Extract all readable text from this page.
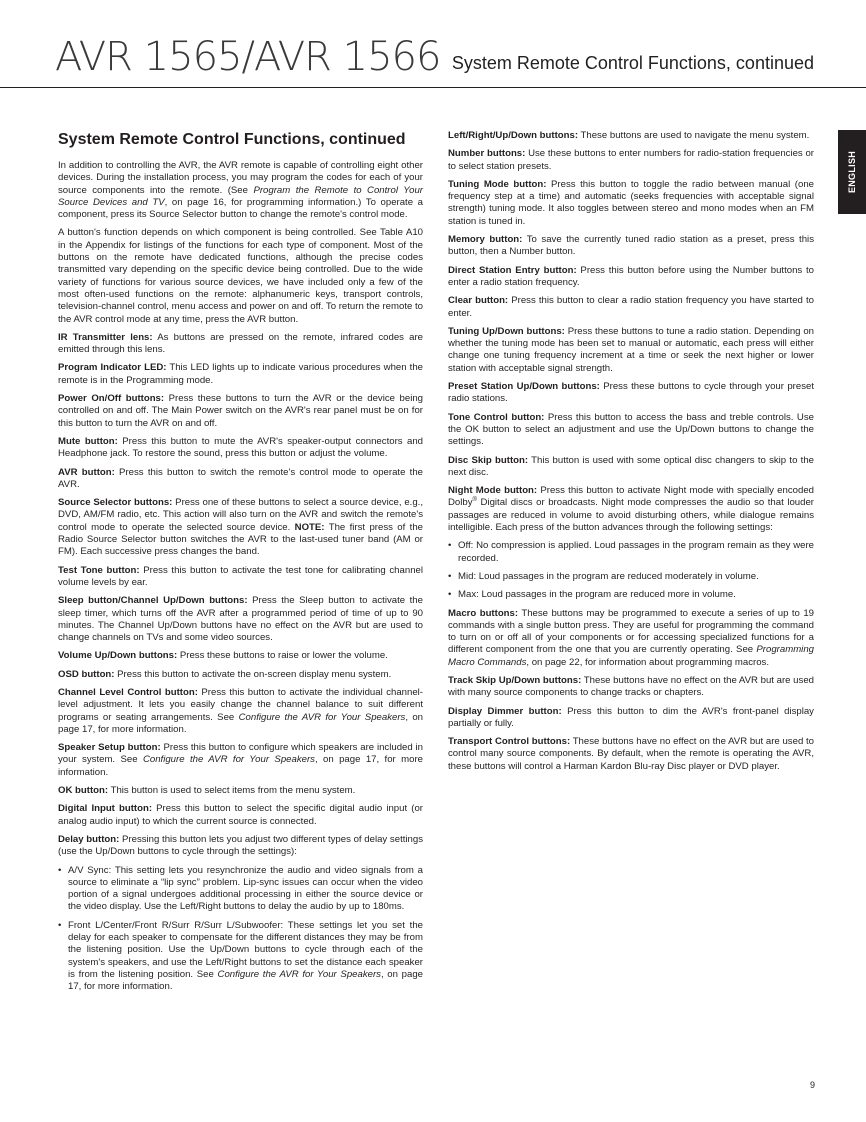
AVR 1565/AVR 1566 System Remote Control Functions, continued
ENGLISH
System Remote Control Functions, continued

In addition to controlling the AVR, the AVR remote is capable of controlling eight other devices. During the installation process, you may program the codes for each of your source components into the remote. (See Program the Remote to Control Your Source Devices and TV, on page 16, for programming information.) To operate a component, press its Source Selector button to change the remote's control mode.

A button's function depends on which component is being controlled. See Table A10 in the Appendix for listings of the functions for each type of component. Most of the buttons on the remote have dedicated functions, although the precise codes transmitted vary depending on the specific device being controlled. Due to the wide variety of functions for various source devices, we have included only a few of the most often-used functions on the remote: alphanumeric keys, transport controls, television-channel control, menu access and power on and off. To return the remote to the AVR control mode at any time, press the AVR button.

IR Transmitter lens: As buttons are pressed on the remote, infrared codes are emitted through this lens.

Program Indicator LED: This LED lights up to indicate various procedures when the remote is in the Programming mode.

Power On/Off buttons: Press these buttons to turn the AVR or the device being controlled on and off. The Main Power switch on the AVR's rear panel must be on for this button to turn the AVR on and off.

Mute button: Press this button to mute the AVR's speaker-output connectors and Headphone jack. To restore the sound, press this button or adjust the volume.

AVR button: Press this button to switch the remote's control mode to operate the AVR.

Source Selector buttons: Press one of these buttons to select a source device, e.g., DVD, AM/FM radio, etc. This action will also turn on the AVR and switch the remote's control mode to operate the selected source device. NOTE: The first press of the Radio Source Selector button switches the AVR to the last-used tuner band (AM or FM). Each successive press changes the band.

Test Tone button: Press this button to activate the test tone for calibrating channel volume levels by ear.

Sleep button/Channel Up/Down buttons: Press the Sleep button to activate the sleep timer, which turns off the AVR after a programmed period of time of up to 90 minutes. The Channel Up/Down buttons have no effect on the AVR but are used to change channels on TVs and some video sources.

Volume Up/Down buttons: Press these buttons to raise or lower the volume.

OSD button: Press this button to activate the on-screen display menu system.

Channel Level Control button: Press this button to activate the individual channel-level adjustment. It lets you easily change the channel balance to suit different programs or seating arrangements. See Configure the AVR for Your Speakers, on page 17, for more information.

Speaker Setup button: Press this button to configure which speakers are included in your system. See Configure the AVR for Your Speakers, on page 17, for more information.

OK button: This button is used to select items from the menu system.

Digital Input button: Press this button to select the specific digital audio input (or analog audio input) to which the current source is connected.

Delay button: Pressing this button lets you adjust two different types of delay settings (use the Up/Down buttons to cycle through the settings):

• A/V Sync: This setting lets you resynchronize the audio and video signals from a source to eliminate a “lip sync” problem. Lip-sync issues can occur when the video portion of a signal undergoes additional processing in either the source device or the video display. Use the Left/Right buttons to delay the audio by up to 180ms.
• Front L/Center/Front R/Surr R/Surr L/Subwoofer: These settings let you set the delay for each speaker to compensate for the different distances they may be from the listening position. Use the Up/Down buttons to cycle through each of the system's speakers, and use the Left/Right buttons to set the distance each speaker is from the listening position. See Configure the AVR for Your Speakers, on page 17, for more information.

Left/Right/Up/Down buttons: These buttons are used to navigate the menu system.

Number buttons: Use these buttons to enter numbers for radio-station frequencies or to select station presets.

Tuning Mode button: Press this button to toggle the radio between manual (one frequency step at a time) and automatic (seeks frequencies with acceptable signal strength) tuning mode. It also toggles between stereo and mono modes when an FM station is tuned in.

Memory button: To save the currently tuned radio station as a preset, press this button, then a Number button.

Direct Station Entry button: Press this button before using the Number buttons to enter a radio station frequency.

Clear button: Press this button to clear a radio station frequency you have started to enter.

Tuning Up/Down buttons: Press these buttons to tune a radio station. Depending on whether the tuning mode has been set to manual or automatic, each press will either change one tuning frequency increment at a time or seek the next higher or lower station with acceptable signal strength.

Preset Station Up/Down buttons: Press these buttons to cycle through your preset radio stations.

Tone Control button: Press this button to access the bass and treble controls. Use the OK button to select an adjustment and use the Up/Down buttons to change the settings.

Disc Skip button: This button is used with some optical disc changers to skip to the next disc.

Night Mode button: Press this button to activate Night mode with specially encoded Dolby® Digital discs or broadcasts. Night mode compresses the audio so that louder passages are reduced in volume to avoid disturbing others, while dialogue remains intelligible. Each press of the button advances through the following settings:

• Off: No compression is applied. Loud passages in the program remain as they were recorded.
• Mid: Loud passages in the program are reduced moderately in volume.
• Max: Loud passages in the program are reduced more in volume.

Macro buttons: These buttons may be programmed to execute a series of up to 19 commands with a single button press. They are useful for programming the command to turn on or off all of your components or for accessing specialized functions for a different component from the one that you are currently operating. See Programming Macro Commands, on page 22, for information about programming macros.

Track Skip Up/Down buttons: These buttons have no effect on the AVR but are used with many source components to change tracks or chapters.

Display Dimmer button: Press this button to dim the AVR's front-panel display partially or fully.

Transport Control buttons: These buttons have no effect on the AVR but are used to control many source components. By default, when the remote is operating the AVR, these buttons will control a Harman Kardon Blu-ray Disc player or DVD player.

9
